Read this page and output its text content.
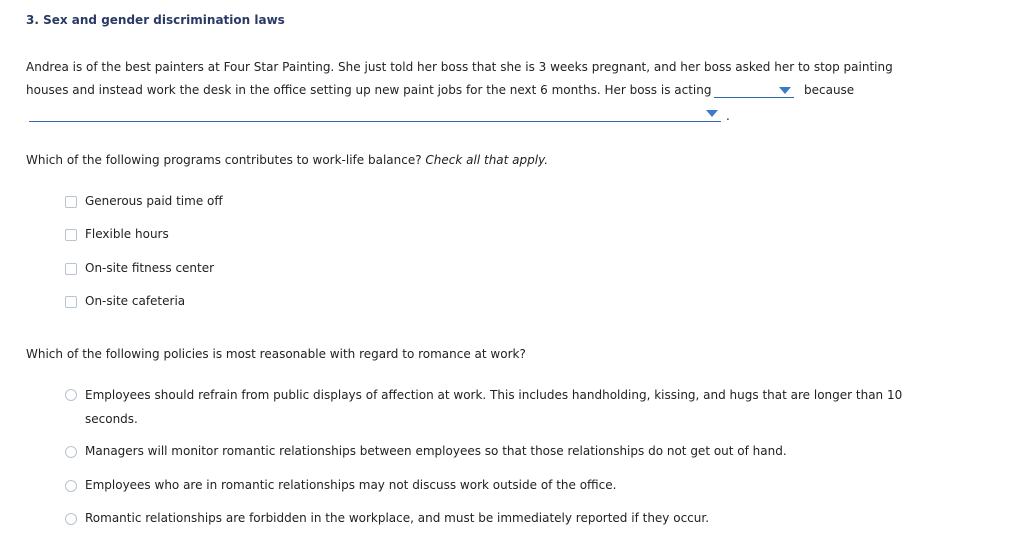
3. Sex and gender discrimination laws
Andrea is of the best painters at Four Star Painting. She just told her boss that she is 3 weeks pregnant, and her boss asked her to stop painting
houses and instead work the desk in the office setting up new paint jobs for the next 6 months. Her boss is acting	because
.
Which of the following programs contributes to work-life balance? Check all that apply.
Generous paid time off
Flexible hours
On-site fitness center
On-site cafeteria
Which of the following policies is most reasonable with regard to romance at work?
Employees should refrain from public displays of affection at work. This includes handholding, kissing, and hugs that are longer than 10 seconds.
Managers will monitor romantic relationships between employees so that those relationships do not get out of hand.
Employees who are in romantic relationships may not discuss work outside of the office.
Romantic relationships are forbidden in the workplace, and must be immediately reported if they occur.
